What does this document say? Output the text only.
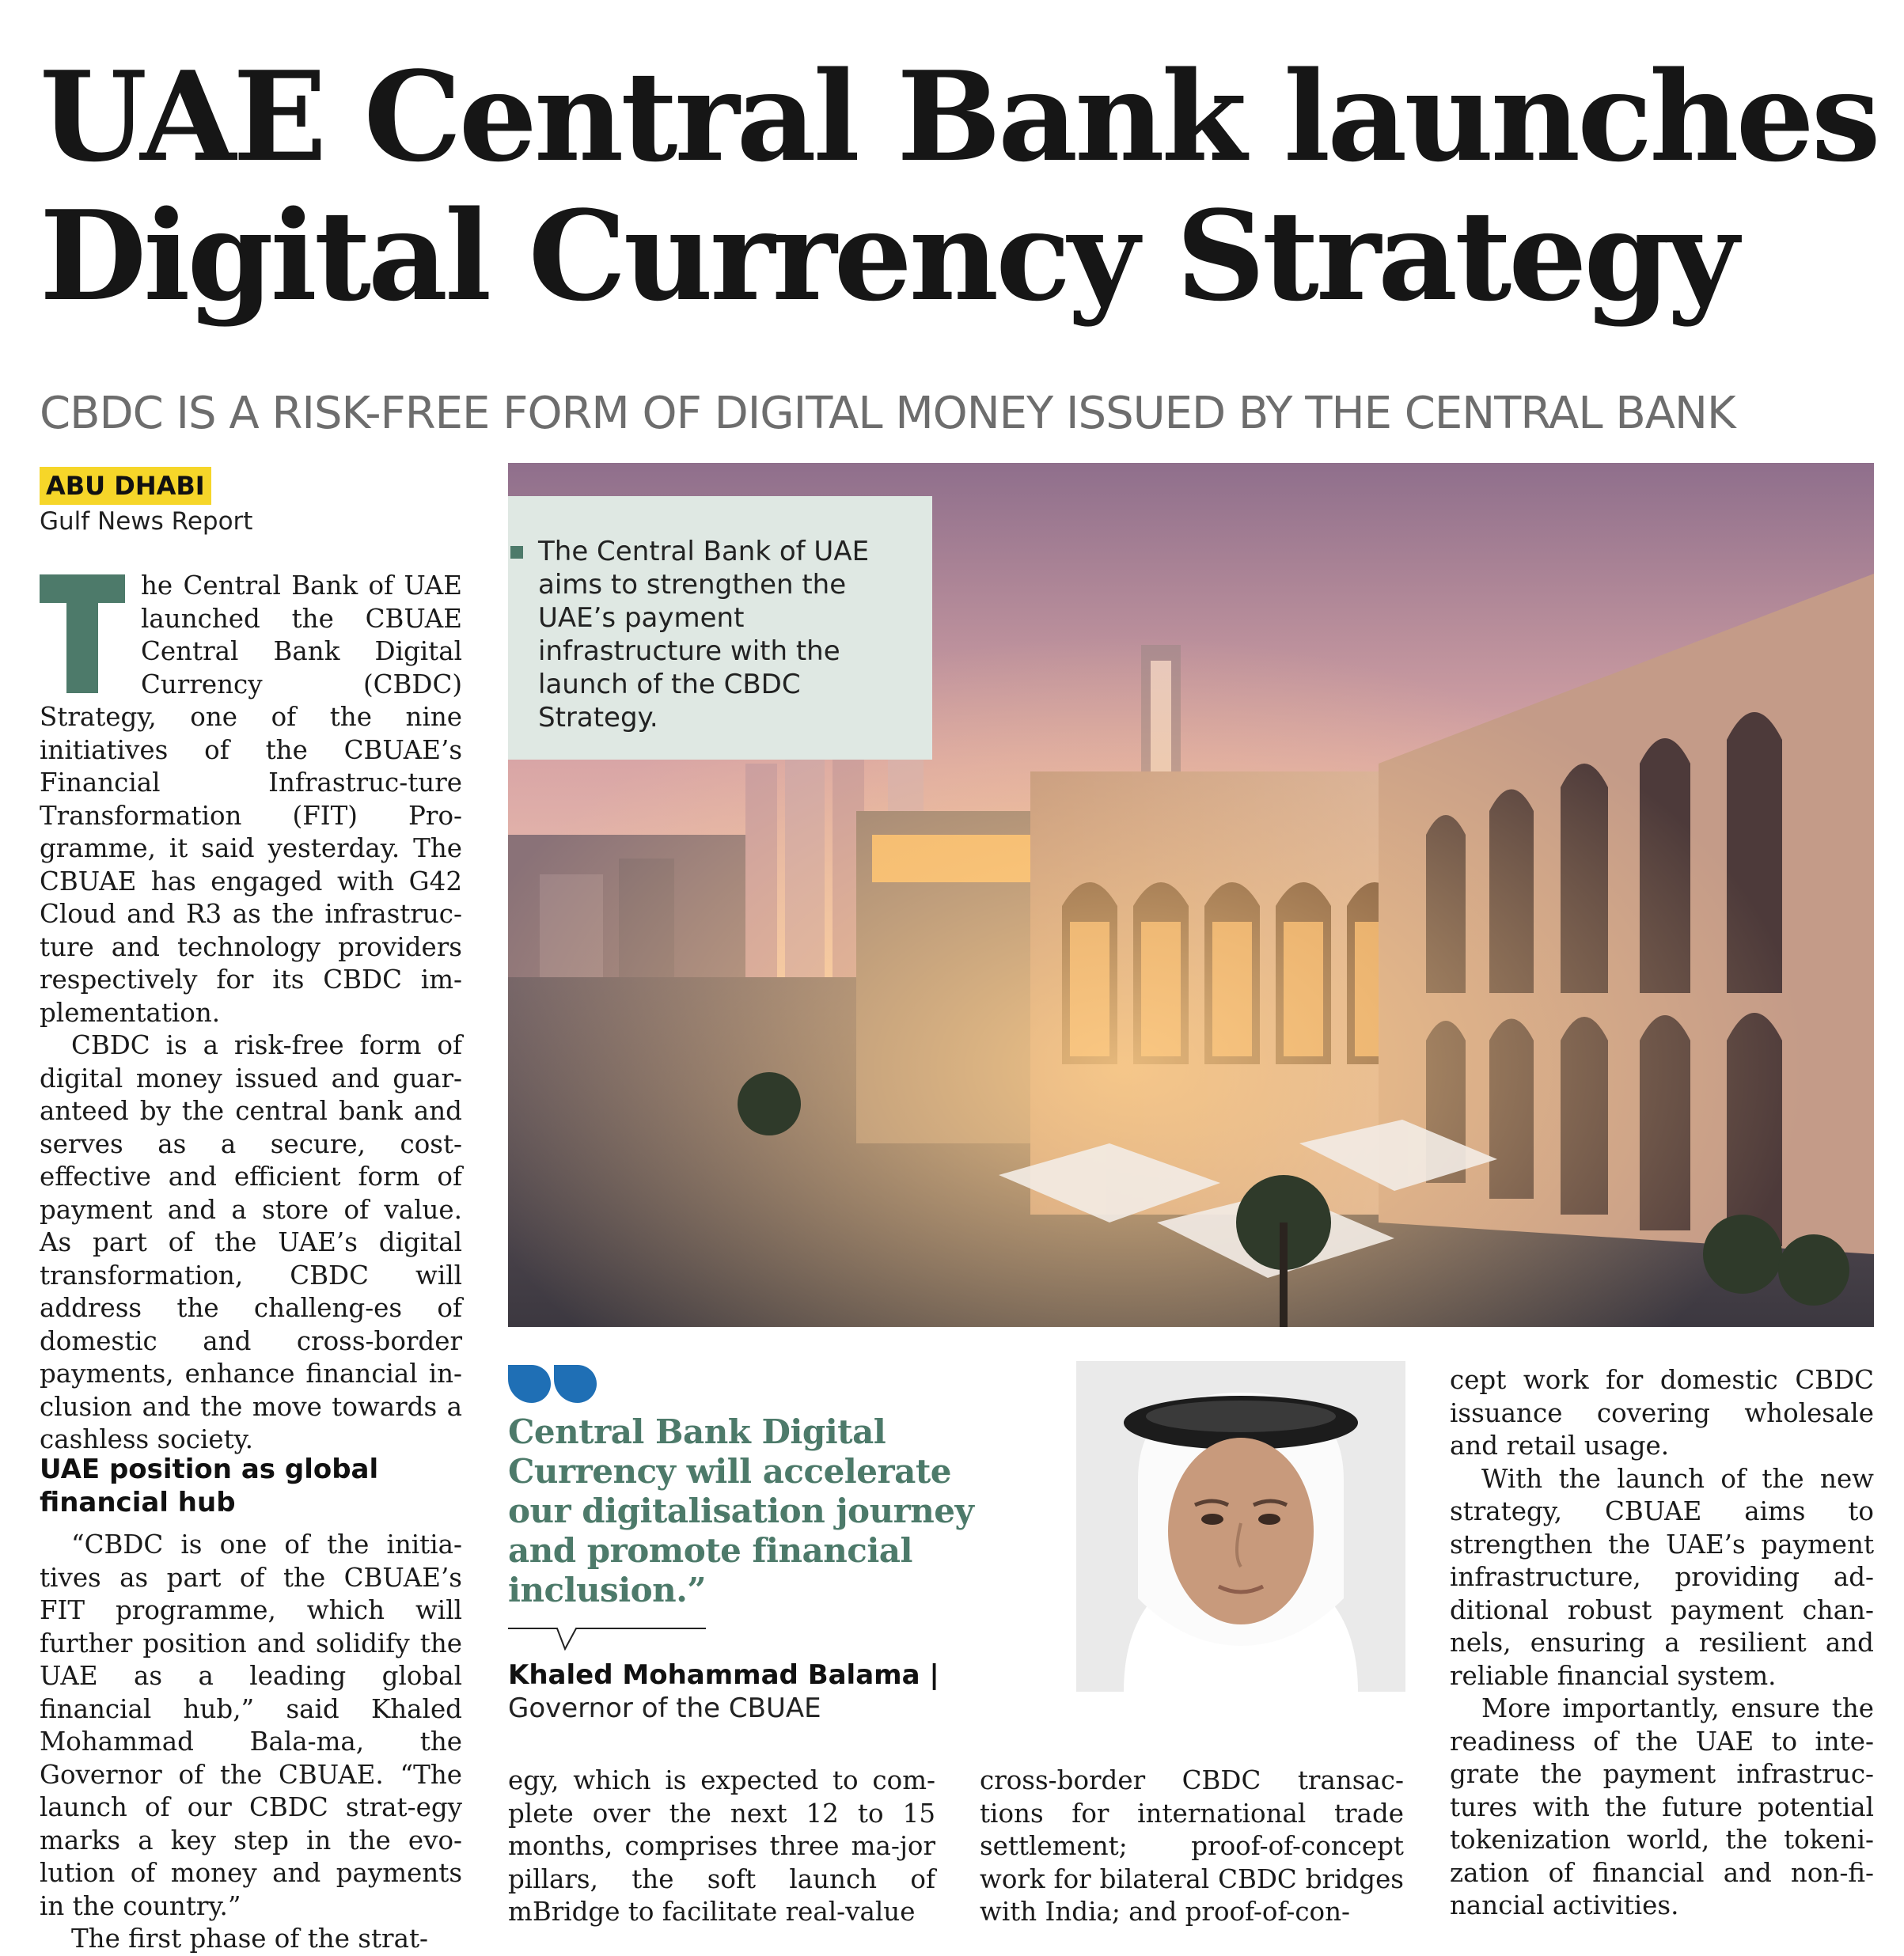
UAE Central Bank launches Digital Currency Strategy
CBDC IS A RISK-FREE FORM OF DIGITAL MONEY ISSUED BY THE CENTRAL BANK
ABU DHABI
Gulf News Report

he Central Bank of UAE launched the CBUAE Central Bank Digital Currency (CBDC) Strategy, one of the nine initiatives of the CBUAE’s Financial Infrastruc-ture Transformation (FIT) Pro-gramme, it said yesterday. The CBUAE has engaged with G42 Cloud and R3 as the infrastruc-ture and technology providers respectively for its CBDC im-plementation.

CBDC is a risk-free form of digital money issued and guar-anteed by the central bank and serves as a secure, cost-effective and efficient form of payment and a store of value. As part of the UAE’s digital transformation, CBDC will address the challeng-es of domestic and cross-border payments, enhance financial in-clusion and the move towards a cashless society.

UAE position as global financial hub

“CBDC is one of the initia-tives as part of the CBUAE’s FIT programme, which will further position and solidify the UAE as a leading global financial hub,” said Khaled Mohammad Bala-ma, the Governor of the CBUAE. “The launch of our CBDC strat-egy marks a key step in the evo-lution of money and payments in the country.”

The first phase of the strat-

The Central Bank of UAE aims to strengthen the UAE’s payment infrastructure with the launch of the CBDC Strategy.

Central Bank Digital Currency will accelerate our digitalisation journey and promote financial inclusion.”

Khaled Mohammad Balama |
Governor of the CBUAE

egy, which is expected to com-plete over the next 12 to 15 months, comprises three ma-jor pillars, the soft launch of mBridge to facilitate real-value

cross-border CBDC transac-tions for international trade settlement; proof-of-concept work for bilateral CBDC bridges with India; and proof-of-con-

cept work for domestic CBDC issuance covering wholesale and retail usage.

With the launch of the new strategy, CBUAE aims to strengthen the UAE’s payment infrastructure, providing ad-ditional robust payment chan-nels, ensuring a resilient and reliable financial system.

More importantly, ensure the readiness of the UAE to inte-grate the payment infrastruc-tures with the future potential tokenization world, the tokeni-zation of financial and non-fi-nancial activities.
